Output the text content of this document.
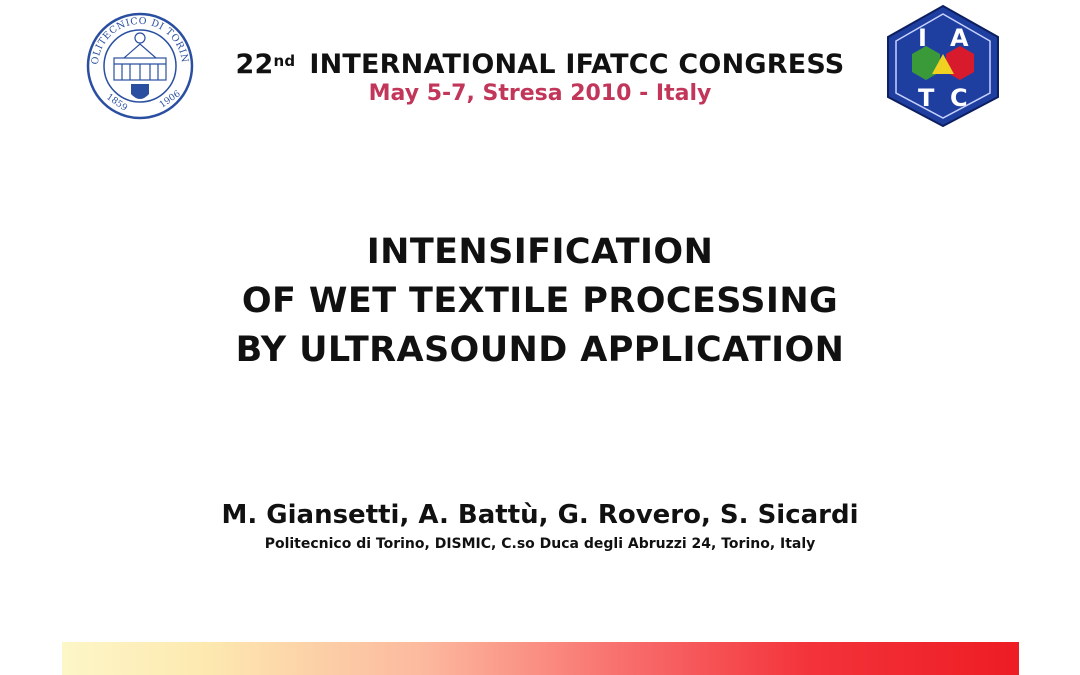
OLITECNICO DI TORIN
1859	1906
I A
T C
22nd INTERNATIONAL IFATCC CONGRESS
May 5-7, Stresa 2010 - Italy
INTENSIFICATION
OF WET TEXTILE PROCESSING
BY ULTRASOUND APPLICATION
M. Giansetti, A. Battù, G. Rovero, S. Sicardi
Politecnico di Torino, DISMIC, C.so Duca degli Abruzzi 24, Torino, Italy
